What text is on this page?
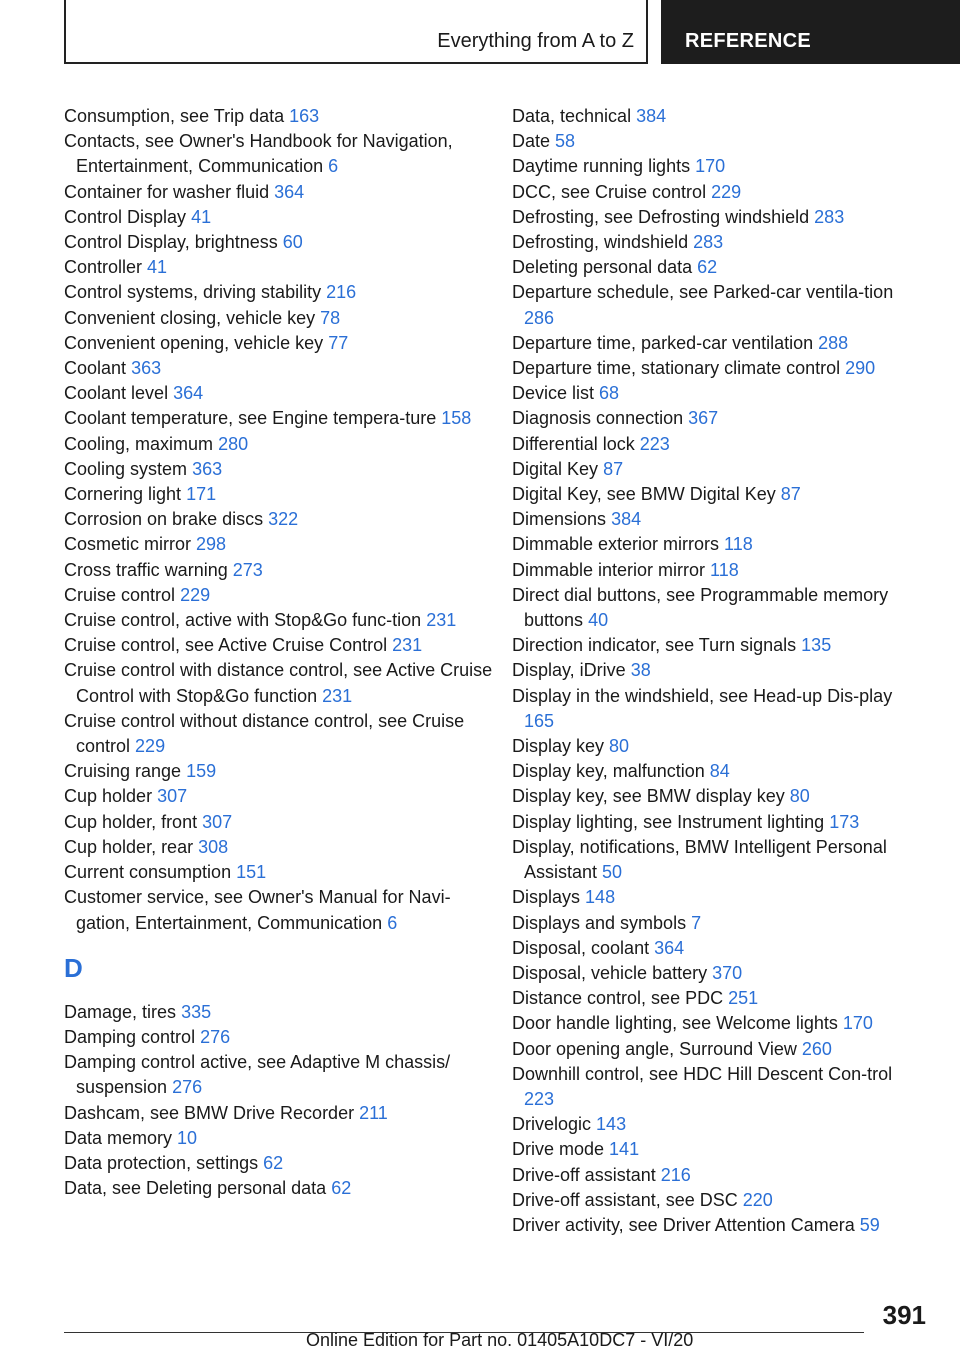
Everything from A to Z	REFERENCE
Consumption, see Trip data 163
Contacts, see Owner's Handbook for Navigation, Entertainment, Communication 6
Container for washer fluid 364
Control Display 41
Control Display, brightness 60
Controller 41
Control systems, driving stability 216
Convenient closing, vehicle key 78
Convenient opening, vehicle key 77
Coolant 363
Coolant level 364
Coolant temperature, see Engine tempera-ture 158
Cooling, maximum 280
Cooling system 363
Cornering light 171
Corrosion on brake discs 322
Cosmetic mirror 298
Cross traffic warning 273
Cruise control 229
Cruise control, active with Stop&Go func-tion 231
Cruise control, see Active Cruise Control 231
Cruise control with distance control, see Active Cruise Control with Stop&Go function 231
Cruise control without distance control, see Cruise control 229
Cruising range 159
Cup holder 307
Cup holder, front 307
Cup holder, rear 308
Current consumption 151
Customer service, see Owner's Manual for Navi-gation, Entertainment, Communication 6
D
Damage, tires 335
Damping control 276
Damping control active, see Adaptive M chassis/ suspension 276
Dashcam, see BMW Drive Recorder 211
Data memory 10
Data protection, settings 62
Data, see Deleting personal data 62
Data, technical 384
Date 58
Daytime running lights 170
DCC, see Cruise control 229
Defrosting, see Defrosting windshield 283
Defrosting, windshield 283
Deleting personal data 62
Departure schedule, see Parked-car ventila-tion 286
Departure time, parked-car ventilation 288
Departure time, stationary climate control 290
Device list 68
Diagnosis connection 367
Differential lock 223
Digital Key 87
Digital Key, see BMW Digital Key 87
Dimensions 384
Dimmable exterior mirrors 118
Dimmable interior mirror 118
Direct dial buttons, see Programmable memory buttons 40
Direction indicator, see Turn signals 135
Display, iDrive 38
Display in the windshield, see Head-up Dis-play 165
Display key 80
Display key, malfunction 84
Display key, see BMW display key 80
Display lighting, see Instrument lighting 173
Display, notifications, BMW Intelligent Personal Assistant 50
Displays 148
Displays and symbols 7
Disposal, coolant 364
Disposal, vehicle battery 370
Distance control, see PDC 251
Door handle lighting, see Welcome lights 170
Door opening angle, Surround View 260
Downhill control, see HDC Hill Descent Con-trol 223
Drivelogic 143
Drive mode 141
Drive-off assistant 216
Drive-off assistant, see DSC 220
Driver activity, see Driver Attention Camera 59
391
Online Edition for Part no. 01405A10DC7 - VI/20
